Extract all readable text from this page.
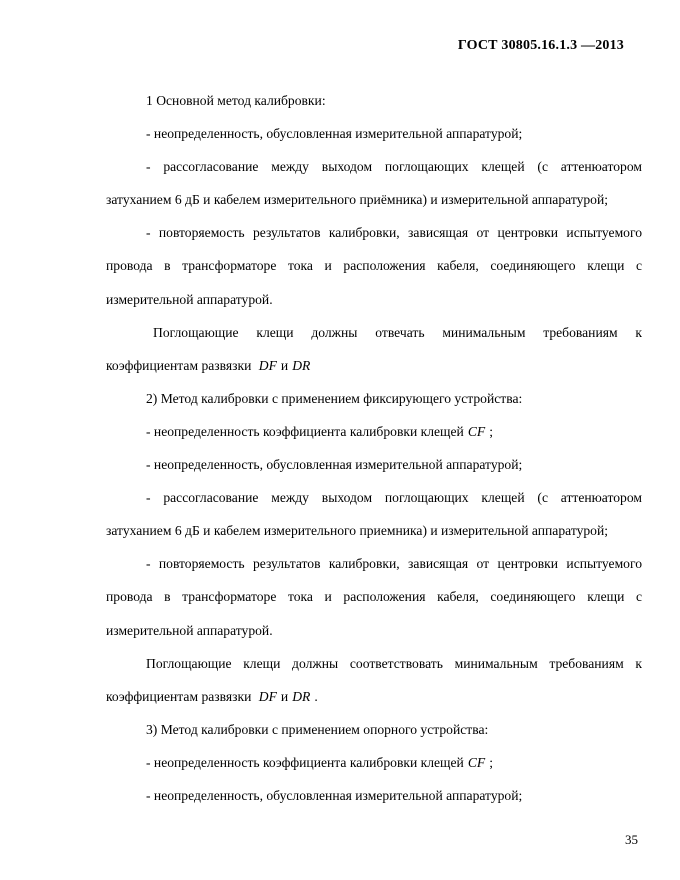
ГОСТ 30805.16.1.3 —2013

1 Основной метод калибровки:

- неопределенность, обусловленная измерительной аппаратурой;

- рассогласование между выходом поглощающих клещей (с аттенюатором затуханием 6 дБ и кабелем измерительного приёмника) и измерительной аппаратурой;

- повторяемость результатов калибровки, зависящая от центровки испытуемого провода в трансформаторе тока и расположения кабеля, соединяющего клещи с измерительной аппаратурой.

Поглощающие клещи должны отвечать минимальным требованиям к коэффициентам развязки DF и DR

2) Метод калибровки с применением фиксирующего устройства:

- неопределенность коэффициента калибровки клещей CF ;

- неопределенность, обусловленная измерительной аппаратурой;

- рассогласование между выходом поглощающих клещей (с аттенюатором затуханием 6 дБ и кабелем измерительного приемника) и измерительной аппаратурой;

- повторяемость результатов калибровки, зависящая от центровки испытуемого провода в трансформаторе тока и расположения кабеля, соединяющего клещи с измерительной аппаратурой.

Поглощающие клещи должны соответствовать минимальным требованиям к коэффициентам развязки DF и DR .

3) Метод калибровки с применением опорного устройства:

- неопределенность коэффициента калибровки клещей CF ;

- неопределенность, обусловленная измерительной аппаратурой;

35
